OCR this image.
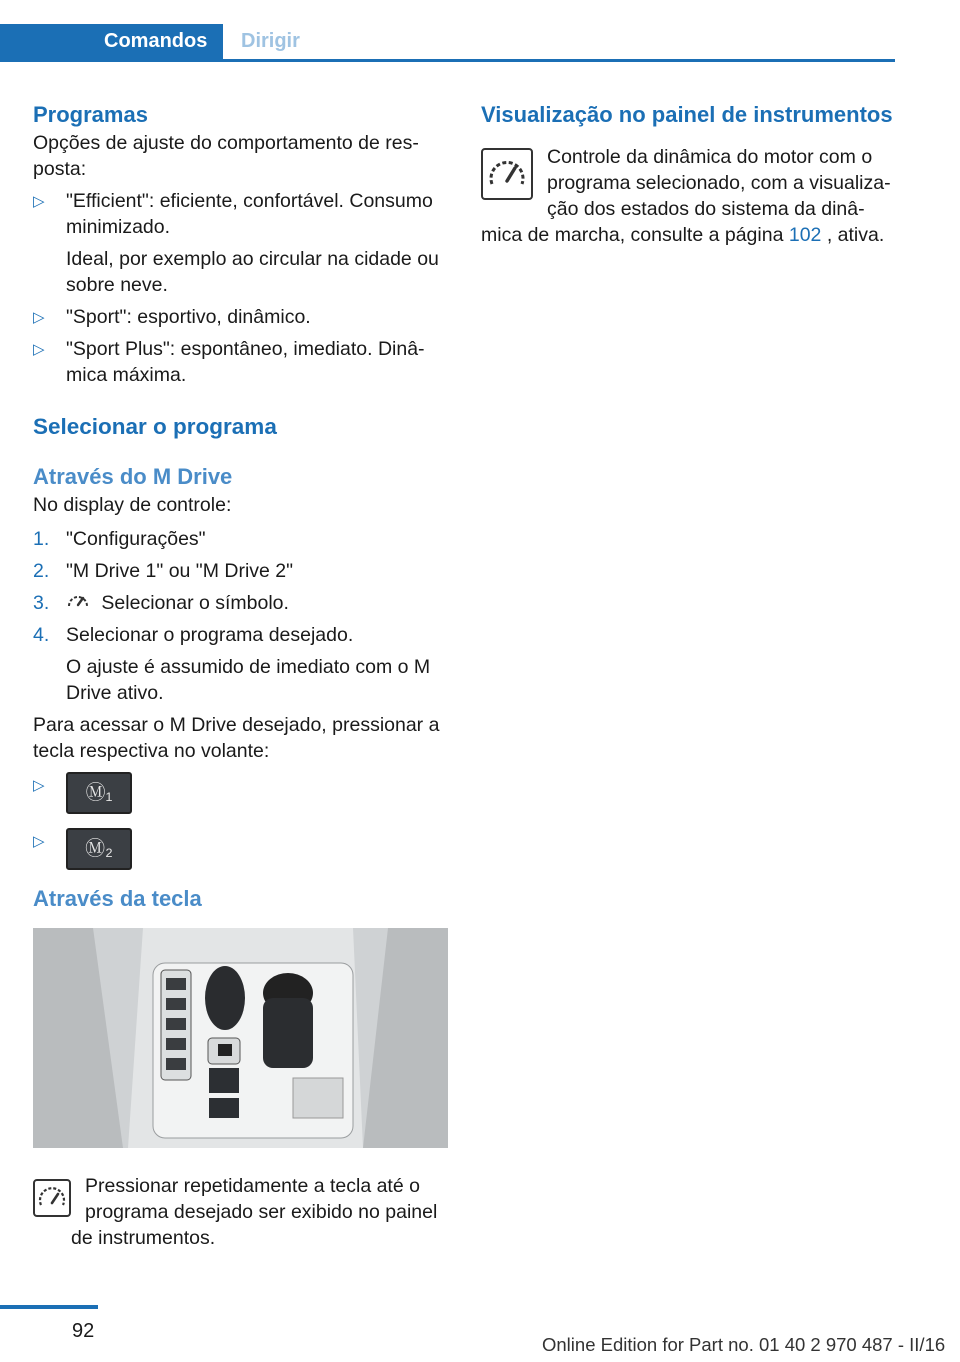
Comandos	Dirigir
Programas

Opções de ajuste do comportamento de res-posta:

▷ "Efficient": eficiente, confortável. Consumo minimizado.
Ideal, por exemplo ao circular na cidade ou sobre neve.
▷ "Sport": esportivo, dinâmico.
▷ "Sport Plus": espontâneo, imediato. Dinâ-mica máxima.
Selecionar o programa
Através do M Drive

No display de controle:

1. "Configurações"
2. "M Drive 1" ou "M Drive 2"
3.	Selecionar o símbolo.
4. Selecionar o programa desejado.
O ajuste é assumido de imediato com o M Drive ativo.

Para acessar o M Drive desejado, pressionar a tecla respectiva no volante:

▷ Ⓜ₁
▷ Ⓜ₂
Através da tecla

Pressionar repetidamente a tecla até o programa desejado ser exibido no painel de instrumentos.

Visualização no painel de instrumentos

Controle da dinâmica do motor com o programa selecionado, com a visualiza-ção dos estados do sistema da dinâ-mica de marcha, consulte a página 102 , ativa.

92
Online Edition for Part no. 01 40 2 970 487 - II/16
